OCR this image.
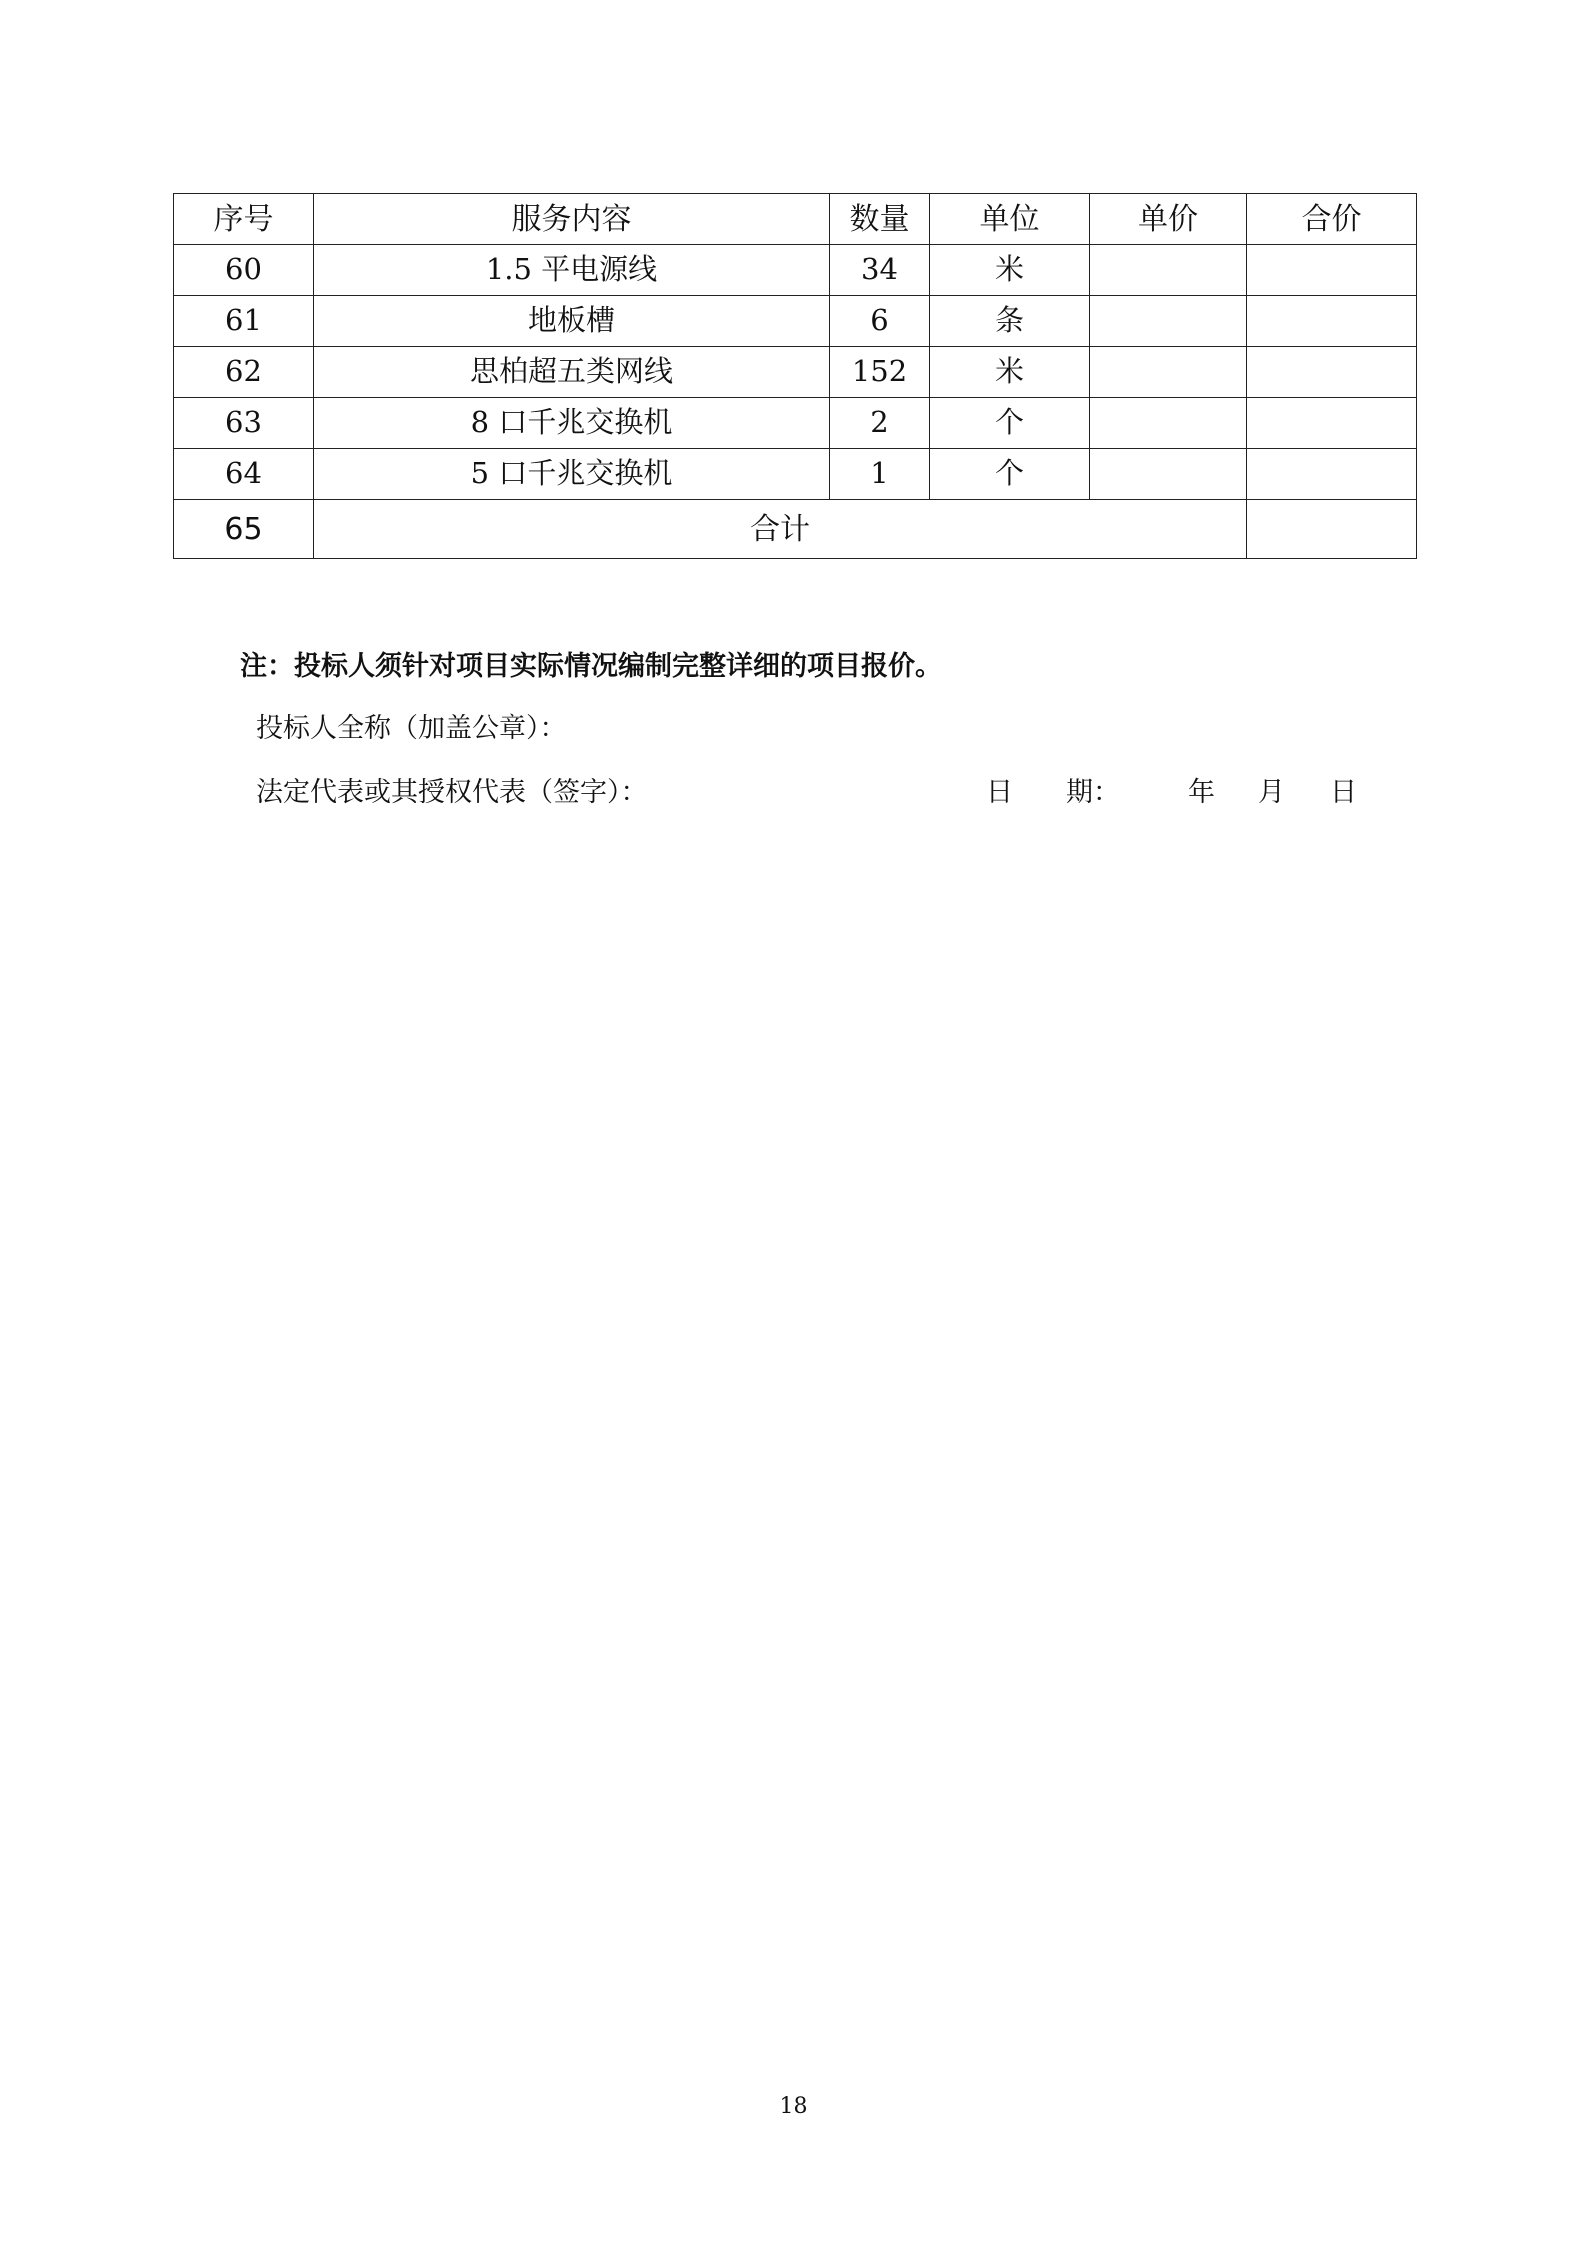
序号	服务内容	数量	单位	单价	合价
60	1.5 平电源线	34	米		
61	地板槽	6	条		
62	思柏超五类网线	152	米		
63	8 口千兆交换机	2	个		
64	5 口千兆交换机	1	个		
65	合计				
注：投标人须针对项目实际情况编制完整详细的项目报价。
投标人全称（加盖公章）：
法定代表或其授权代表（签字）：	日 期：	年 月 日
18
